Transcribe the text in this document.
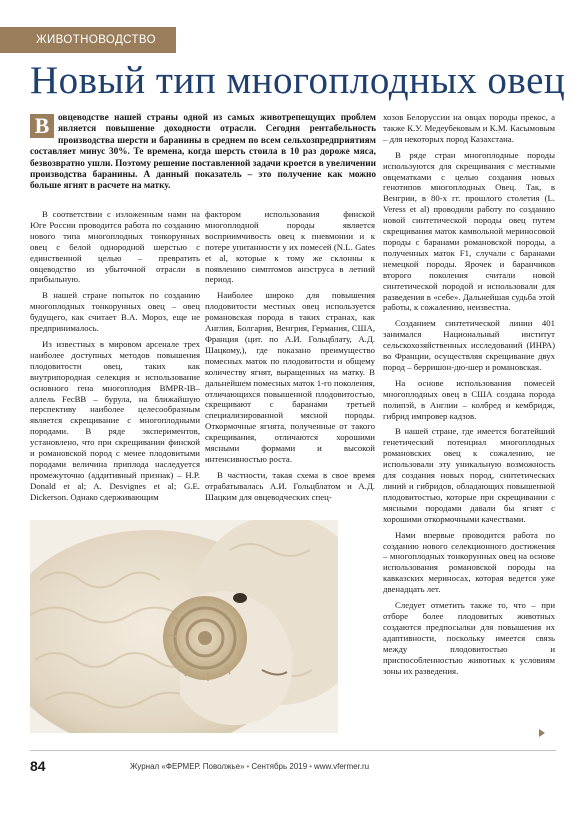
ЖИВОТНОВОДСТВО
Новый тип многоплодных овец

В овцеводстве нашей страны одной из самых животрепещущих проблем является повышение доходности отрасли. Сегодня рентабельность производства шерсти и баранины в среднем по всем сельхозпредприятиям составляет минус 30%. Те времена, когда шерсть стоила в 10 раз дороже мяса, безвозвратно ушли. Поэтому решение поставленной задачи кроется в увеличении производства баранины. А данный показатель – это получение как можно больше ягнят в расчете на матку.

В соответствии с изложенным нами на Юге России проводится работа по созданию нового типа многоплодных тонкорунных овец с белой однородной шерстью с единственной целью – превратить овцеводство из убыточной отрасли в прибыльную.

В нашей стране попыток по созданию многоплодных тонкорунных овец – овец будущего, как считает В.А. Мороз, еще не предпринималось.

Из известных в мировом арсенале трех наиболее доступных методов повышения плодовитости овец, таких как внутрипородная селекция и использование основного гена многоплодия BMPR-IB– аллель FecBB – бурула, на ближайшую перспективу наиболее целесообразным является скрещивание с многоплодными породами. В ряде экспериментов, установлено, что при скрещивании финской и романовской пород с менее плодовитыми породами величина приплода наследуется промежуточно (аддитивный признак) – H.P. Donald et al; A. Desvignes et al; G.E. Dickerson. Однако сдерживающим

фактором использования финской многоплодной породы является восприимчивость овец к пневмонии и к потере упитанности у их помесей (N.L. Gates et al, которые к тому же склонны к появлению симптомов анэструса в летний период.

Наиболее широко для повышения плодовитости местных овец используется романовская порода в таких странах, как Англия, Болгария, Венгрия, Германия, США, Франция (цит. по А.И. Гольцблату, А.Д. Шацкому,), где показано преимущество помесных маток по плодовитости и общему количеству ягнят, выращенных на матку. В дальнейшем помесных маток 1-го поколения, отличающихся повышенной плодовитостью, скрещивают с баранами третьей специализированной мясной породы. Откормочные ягнята, полученные от такого скрещивания, отличаются хорошими мясными формами и высокой интенсивностью роста.

В частности, такая схема в свое время отрабатывалась А.И. Гольцблатом и А.Д. Шацким для овцеводческих спец-

хозов Белоруссии на овцах породы прекос, а также К.У. Медеубековым и К.М. Касымовым – для некоторых пород Казахстана.

В ряде стран многоплодные породы используются для скрещивания с местными овцематками с целью создания новых генотипов многоплодных Овец. Так, в Венгрии, в 80-х гг. прошлого столетия (L. Veress et al) проводили работу по созданию новой синтетической породы овец путем скрещивания маток камвольной мериносовой породы с баранами романовской породы, а полученных маток F1, случали с баранами немецкой породы. Ярочек и баранчиков второго поколения считали новой синтетической породой и использовали для разведения в «себе». Дальнейшая судьба этой работы, к сожалению, неизвестна.

Созданием синтетической линии 401 занималcя Национальный институт сельскохозяйственных исследований (ИНРА) во Франции, осуществляя скрещивание двух пород – берришон-дю-шер и романовская.

На основе использования помесей многоплодных овец в США создана порода полипэй, в Англии – колбред и кембридж, гибрид импровер кадзов.

В нашей стране, где имеется богатейший генетический потенциал многоплодных романовских овец к сожалению, не использовали эту уникальную возможность для создания новых пород, синтетических линий и гибридов, обладающих повышенной плодовитостью, которые при скрещивании с мясными породами давали бы ягнят с хорошими откормочными качествами.

Нами впервые проводится работа по созданию нового селекционного достижения – многоплодных тонкорунных овец на основе использования романовской породы на кавказских мериносах, которая ведется уже двенадцать лет.

Следует отметить также то, что – при отборе более плодовитых животных создаются предпосылки для повышения их адаптивности, поскольку имеется связь между плодовитостью и приспособленностью животных к условиям зоны их разведения.

84	Журнал «ФЕРМЕР. Поволжье» • Сентябрь 2019 • www.vfermer.ru
